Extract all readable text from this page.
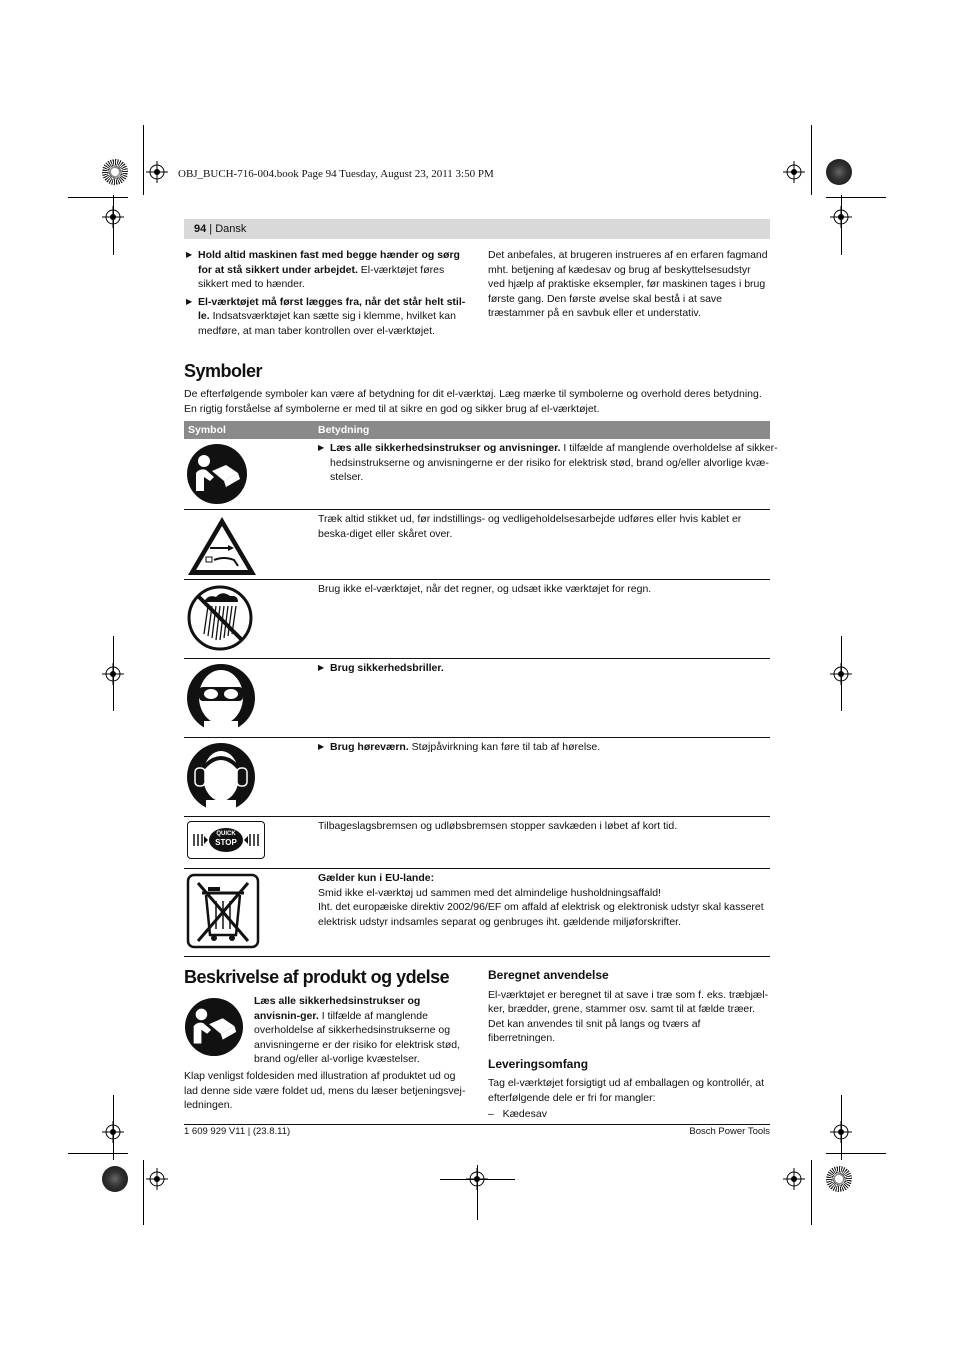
OBJ_BUCH-716-004.book Page 94 Tuesday, August 23, 2011 3:50 PM
94 | Dansk

▶ Hold altid maskinen fast med begge hænder og sørg for at stå sikkert under arbejdet. El-værktøjet føres sikkert med to hænder.

▶ El-værktøjet må først lægges fra, når det står helt stil-le. Indsatsværktøjet kan sætte sig i klemme, hvilket kan medføre, at man taber kontrollen over el-værktøjet.

Det anbefales, at brugeren instrueres af en erfaren fagmand mht. betjening af kædesav og brug af beskyttelsesudstyr ved hjælp af praktiske eksempler, før maskinen tages i brug første gang. Den første øvelse skal bestå i at save træstammer på en savbuk eller et understativ.
Symboler
De efterfølgende symboler kan være af betydning for dit el-værktøj. Læg mærke til symbolerne og overhold deres betydning. En rigtig forståelse af symbolerne er med til at sikre en god og sikker brug af el-værktøjet.
Symbol	Betydning
▶ Læs alle sikkerhedsinstrukser og anvisninger. I tilfælde af manglende overholdelse af sikker-hedsinstrukserne og anvisningerne er der risiko for elektrisk stød, brand og/eller alvorlige kvæ-stelser.
Træk altid stikket ud, før indstillings- og vedligeholdelsesarbejde udføres eller hvis kablet er beska-diget eller skåret over.
Brug ikke el-værktøjet, når det regner, og udsæt ikke værktøjet for regn.
▶ Brug sikkerhedsbriller.
▶ Brug høreværn. Støjpåvirkning kan føre til tab af hørelse.
QUICK
STOP
Tilbageslagsbremsen og udløbsbremsen stopper savkæden i løbet af kort tid.
Gælder kun i EU-lande:
Smid ikke el-værktøj ud sammen med det almindelige husholdningsaffald!
Iht. det europæiske direktiv 2002/96/EF om affald af elektrisk og elektronisk udstyr skal kasseret elektrisk udstyr indsamles separat og genbruges iht. gældende miljøforskrifter.
Beskrivelse af produkt og ydelse
Læs alle sikkerhedsinstrukser og anvisnin-ger. I tilfælde af manglende overholdelse af sikkerhedsinstrukserne og anvisningerne er der risiko for elektrisk stød, brand og/eller al-vorlige kvæstelser.
Klap venligst foldesiden med illustration af produktet ud og lad denne side være foldet ud, mens du læser betjeningsvej-ledningen.
Beregnet anvendelse
El-værktøjet er beregnet til at save i træ som f. eks. træbjæl-ker, brædder, grene, stammer osv. samt til at fælde træer. Det kan anvendes til snit på langs og tværs af fiberretningen.
Leveringsomfang
Tag el-værktøjet forsigtigt ud af emballagen og kontrollér, at efterfølgende dele er fri for mangler:
–   Kædesav
1 609 929 V11 | (23.8.11)	Bosch Power Tools
